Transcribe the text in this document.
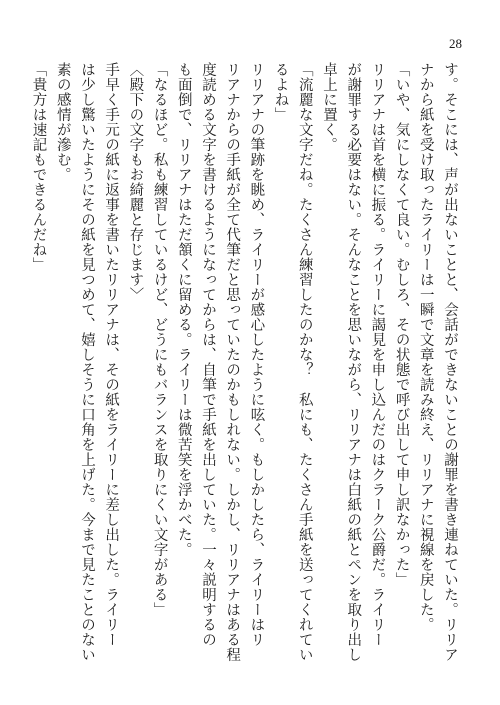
28
す。そこには、声が出ないことと、会話ができないことの謝罪を書き連ねていた。リリア
ナから紙を受け取ったライリーは一瞬で文章を読み終え、リリアナに視線を戻した。
「いや、気にしなくて良い。むしろ、その状態で呼び出して申し訳なかった」
リリアナは首を横に振る。ライリーに謁見を申し込んだのはクラーク公爵だ。ライリー
が謝罪する必要はない。そんなことを思いながら、リリアナは白紙の紙とペンを取り出し
卓上に置く。
「流麗な文字だね。たくさん練習したのかな？　私にも、たくさん手紙を送ってくれてい
るよね」
リリアナの筆跡を眺め、ライリーが感心したように呟く。もしかしたら、ライリーはリ
リアナからの手紙が全て代筆だと思っていたのかもしれない。しかし、リリアナはある程
度読める文字を書けるようになってからは、自筆で手紙を出していた。一々説明するの
も面倒で、リリアナはただ頷くに留める。ライリーは微苦笑を浮かべた。
「なるほど。私も練習しているけど、どうにもバランスを取りにくい文字がある」
〈殿下の文字もお綺麗と存じます〉
手早く手元の紙に返事を書いたリリアナは、その紙をライリーに差し出した。ライリー
は少し驚いたようにその紙を見つめて、嬉しそうに口角を上げた。今まで見たことのない
素の感情が滲む。
「貴方は速記もできるんだね」
